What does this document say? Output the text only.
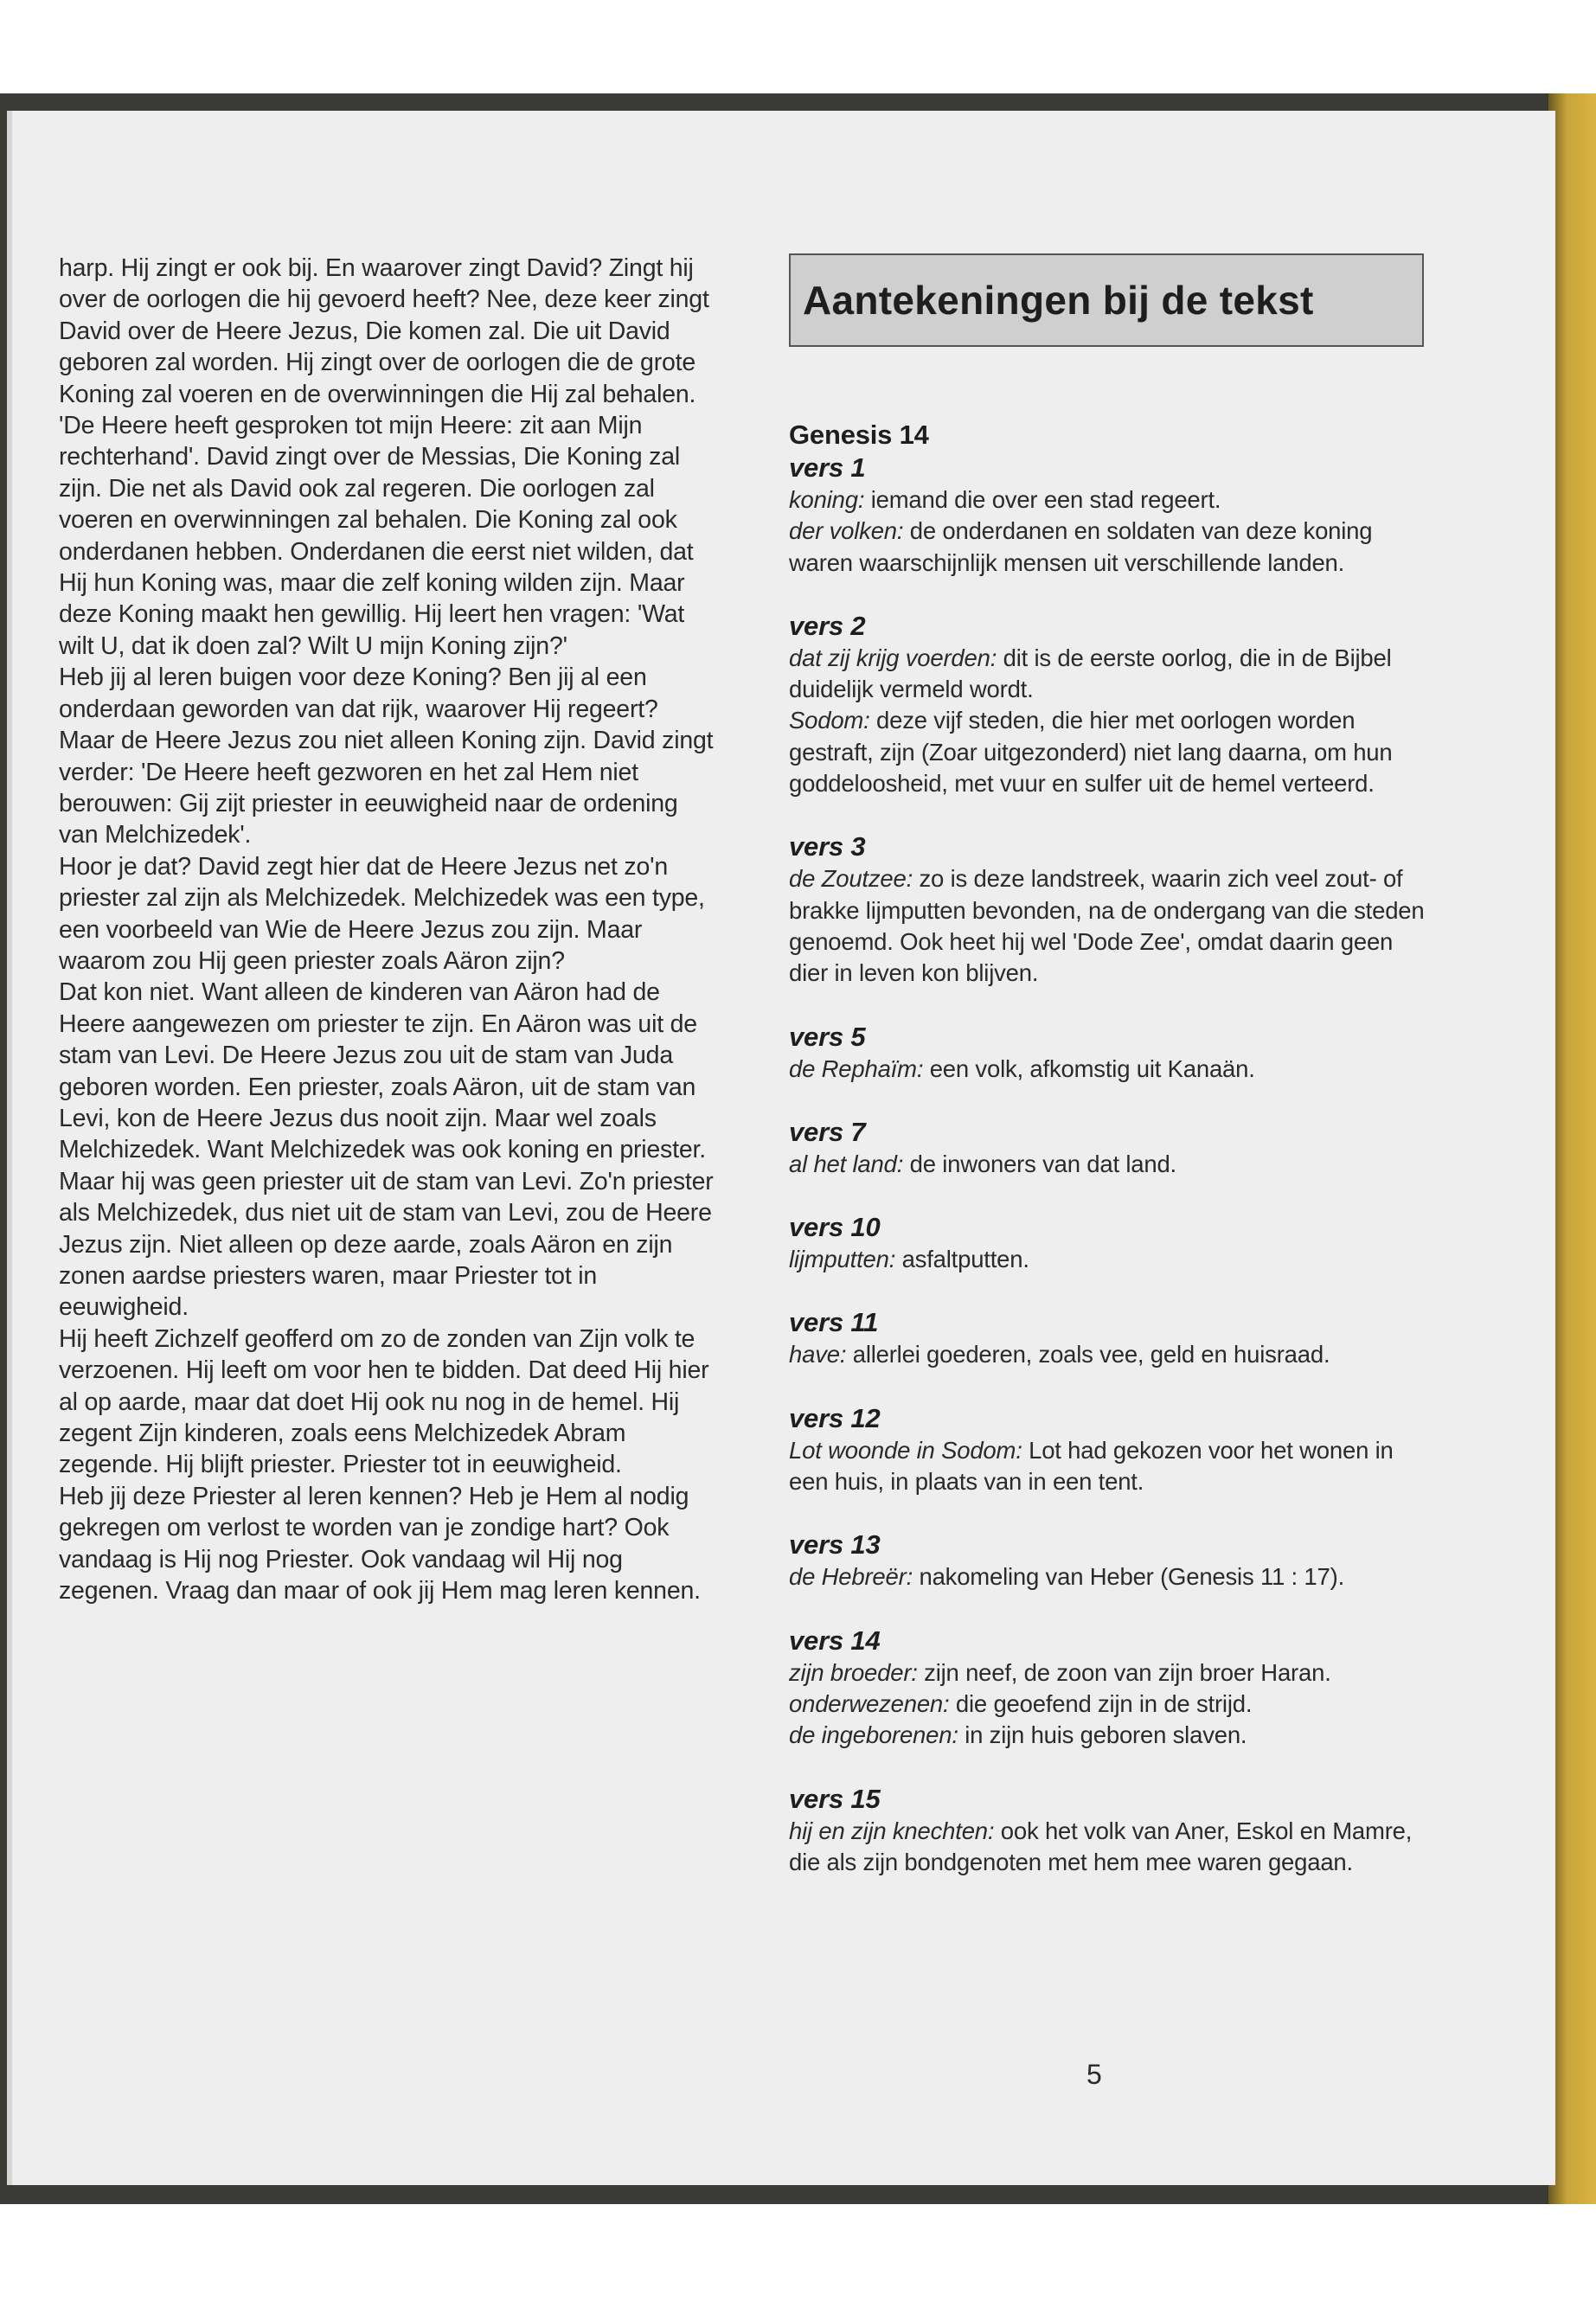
harp. Hij zingt er ook bij. En waarover zingt David? Zingt hij over de oorlogen die hij gevoerd heeft? Nee, deze keer zingt David over de Heere Jezus, Die komen zal. Die uit David geboren zal worden. Hij zingt over de oorlogen die de grote Koning zal voeren en de overwinningen die Hij zal behalen.

'De Heere heeft gesproken tot mijn Heere: zit aan Mijn rechterhand'. David zingt over de Messias, Die Koning zal zijn. Die net als David ook zal regeren. Die oorlogen zal voeren en overwinningen zal behalen. Die Koning zal ook onderdanen hebben. Onderdanen die eerst niet wilden, dat Hij hun Koning was, maar die zelf koning wilden zijn. Maar deze Koning maakt hen gewillig. Hij leert hen vragen: 'Wat wilt U, dat ik doen zal? Wilt U mijn Koning zijn?'

Heb jij al leren buigen voor deze Koning? Ben jij al een onderdaan geworden van dat rijk, waarover Hij regeert?

Maar de Heere Jezus zou niet alleen Koning zijn. David zingt verder: 'De Heere heeft gezworen en het zal Hem niet berouwen: Gij zijt priester in eeuwigheid naar de ordening van Melchizedek'.

Hoor je dat? David zegt hier dat de Heere Jezus net zo'n priester zal zijn als Melchizedek. Melchizedek was een type, een voorbeeld van Wie de Heere Jezus zou zijn. Maar waarom zou Hij geen priester zoals Aäron zijn?

Dat kon niet. Want alleen de kinderen van Aäron had de Heere aangewezen om priester te zijn. En Aäron was uit de stam van Levi. De Heere Jezus zou uit de stam van Juda geboren worden. Een priester, zoals Aäron, uit de stam van Levi, kon de Heere Jezus dus nooit zijn. Maar wel zoals Melchizedek. Want Melchizedek was ook koning en priester. Maar hij was geen priester uit de stam van Levi. Zo'n priester als Melchizedek, dus niet uit de stam van Levi, zou de Heere Jezus zijn. Niet alleen op deze aarde, zoals Aäron en zijn zonen aardse priesters waren, maar Priester tot in eeuwigheid.

Hij heeft Zichzelf geofferd om zo de zonden van Zijn volk te verzoenen. Hij leeft om voor hen te bidden. Dat deed Hij hier al op aarde, maar dat doet Hij ook nu nog in de hemel. Hij zegent Zijn kinderen, zoals eens Melchizedek Abram zegende. Hij blijft priester. Priester tot in eeuwigheid.

Heb jij deze Priester al leren kennen? Heb je Hem al nodig gekregen om verlost te worden van je zondige hart? Ook vandaag is Hij nog Priester. Ook vandaag wil Hij nog zegenen. Vraag dan maar of ook jij Hem mag leren kennen.

Aantekeningen bij de tekst

Genesis 14

vers 1

koning: iemand die over een stad regeert.

der volken: de onderdanen en soldaten van deze koning waren waarschijnlijk mensen uit verschillende landen.

vers 2

dat zij krijg voerden: dit is de eerste oorlog, die in de Bijbel duidelijk vermeld wordt.

Sodom: deze vijf steden, die hier met oorlogen worden gestraft, zijn (Zoar uitgezonderd) niet lang daarna, om hun goddeloosheid, met vuur en sulfer uit de hemel verteerd.

vers 3

de Zoutzee: zo is deze landstreek, waarin zich veel zout- of brakke lijmputten bevonden, na de ondergang van die steden genoemd. Ook heet hij wel 'Dode Zee', omdat daarin geen dier in leven kon blijven.

vers 5

de Rephaïm: een volk, afkomstig uit Kanaän.

vers 7

al het land: de inwoners van dat land.

vers 10

lijmputten: asfaltputten.

vers 11

have: allerlei goederen, zoals vee, geld en huisraad.

vers 12

Lot woonde in Sodom: Lot had gekozen voor het wonen in een huis, in plaats van in een tent.

vers 13

de Hebreër: nakomeling van Heber (Genesis 11 : 17).

vers 14

zijn broeder: zijn neef, de zoon van zijn broer Haran.

onderwezenen: die geoefend zijn in de strijd.

de ingeborenen: in zijn huis geboren slaven.

vers 15

hij en zijn knechten: ook het volk van Aner, Eskol en Mamre, die als zijn bondgenoten met hem mee waren gegaan.

5
